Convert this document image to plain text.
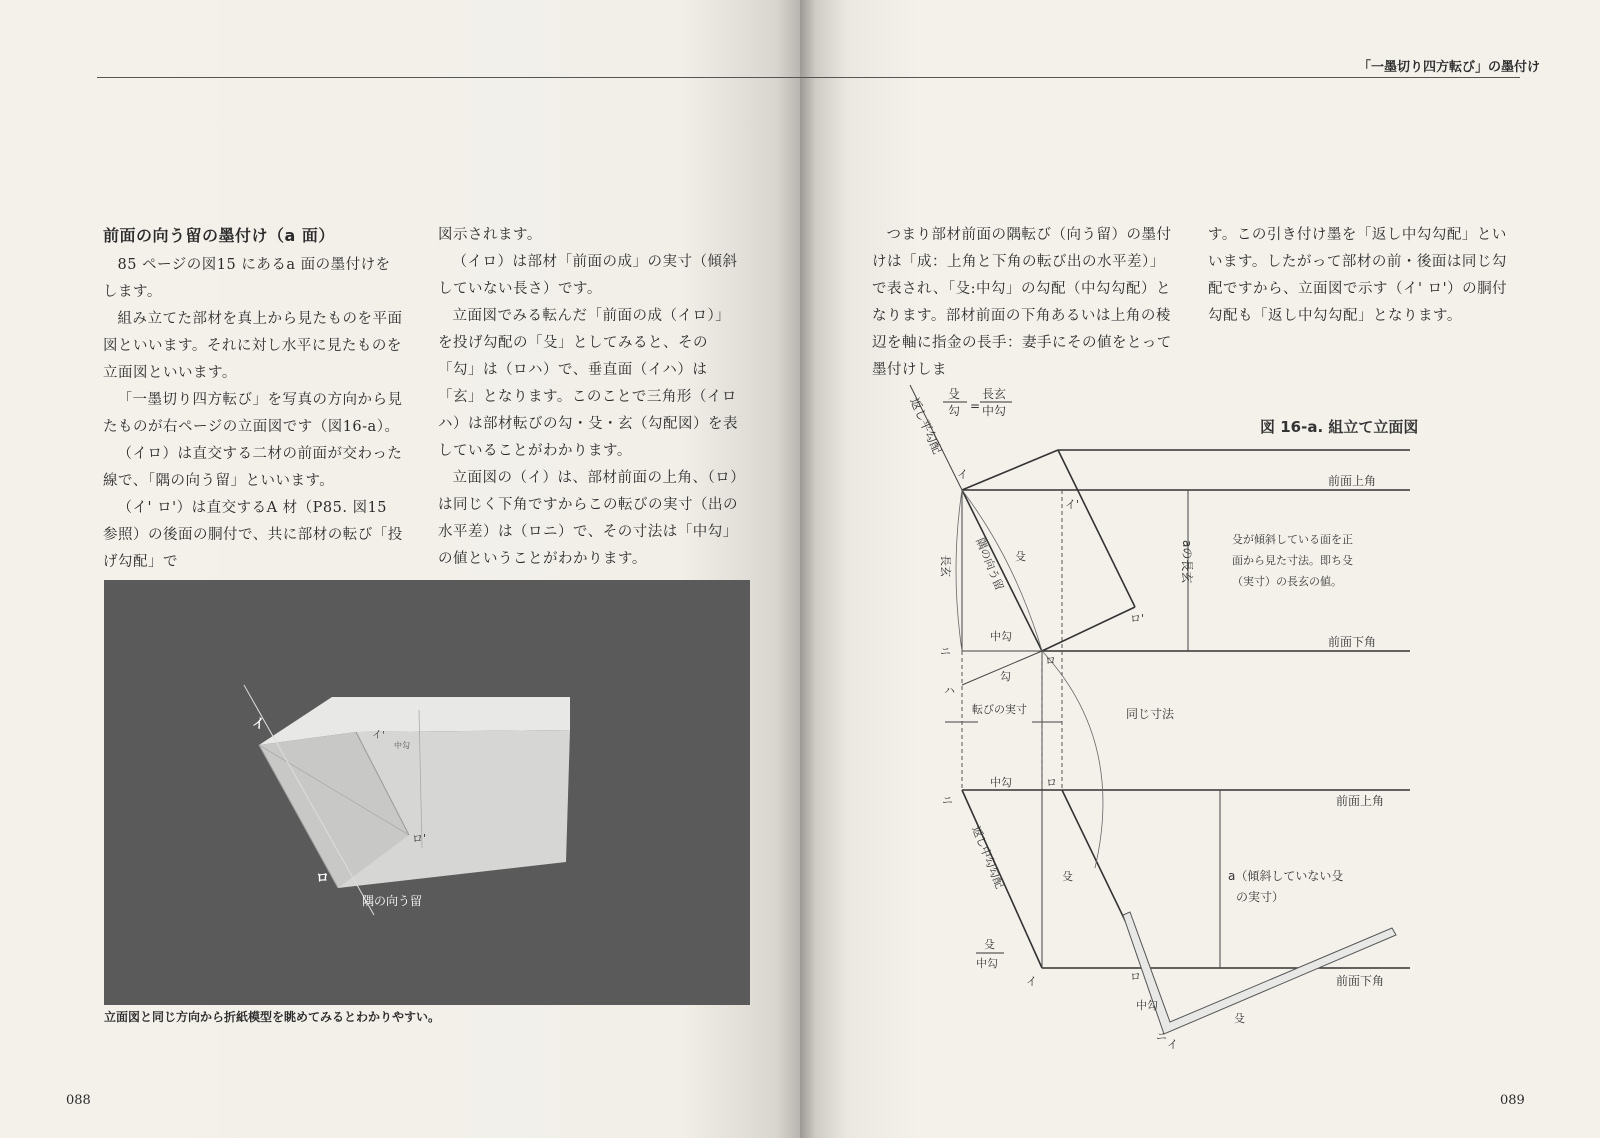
前面の向う留の墨付け（a 面）

85 ページの図15 にあるa 面の墨付けをします。

組み立てた部材を真上から見たものを平面図といいます。それに対し水平に見たものを立面図といいます。

「一墨切り四方転び」を写真の方向から見たものが右ページの立面図です（図16-a）。

（イロ）は直交する二材の前面が交わった線で、「隅の向う留」といいます。

（イ' ロ'）は直交するA 材（P85. 図15 参照）の後面の胴付で、共に部材の転び「投げ勾配」で

図示されます。

（イロ）は部材「前面の成」の実寸（傾斜していない長さ）です。

立面図でみる転んだ「前面の成（イロ）」を投げ勾配の「殳」としてみると、その「勾」は（ロハ）で、垂直面（イハ）は「玄」となります。このことで三角形（イロハ）は部材転びの勾・殳・玄（勾配図）を表していることがわかります。

立面図の（イ）は、部材前面の上角、（ロ）は同じく下角ですからこの転びの実寸（出の水平差）は（ロニ）で、その寸法は「中勾」の値ということがわかります。

イ
ロ
ロ'
イ'
中勾
隅の向う留
立面図と同じ方向から折紙模型を眺めてみるとわかりやすい。
088
「一墨切り四方転び」の墨付け

つまり部材前面の隅転び（向う留）の墨付けは「成：上角と下角の転び出の水平差）」で表され、「殳:中勾」の勾配（中勾勾配）となります。部材前面の下角あるいは上角の稜辺を軸に指金の長手：妻手にその値をとって墨付けしま

す。この引き付け墨を「返し中勾勾配」といいます。したがって部材の前・後面は同じ勾配ですから、立面図で示す（イ' ロ'）の胴付勾配も「返し中勾勾配」となります。

殳
勾 =
長玄
中勾
返し平勾配	図 16-a. 組立て立面図
イ
イ'
ロ'
ロ
ニ
ハ
前面上角
前面下角
隅の向う留 殳
長玄
中勾
勾
aの長玄
殳が傾斜している面を正
面から見た寸法。即ち殳
（実寸）の長玄の値。
転びの実寸	同じ寸法
中勾	ロ
ニ	前面上角
前面下角
返し中勾勾配	殳	a（傾斜していない殳
の実寸）
殳
中勾
イ	ロ
中勾
殳
ニ
イ
089
